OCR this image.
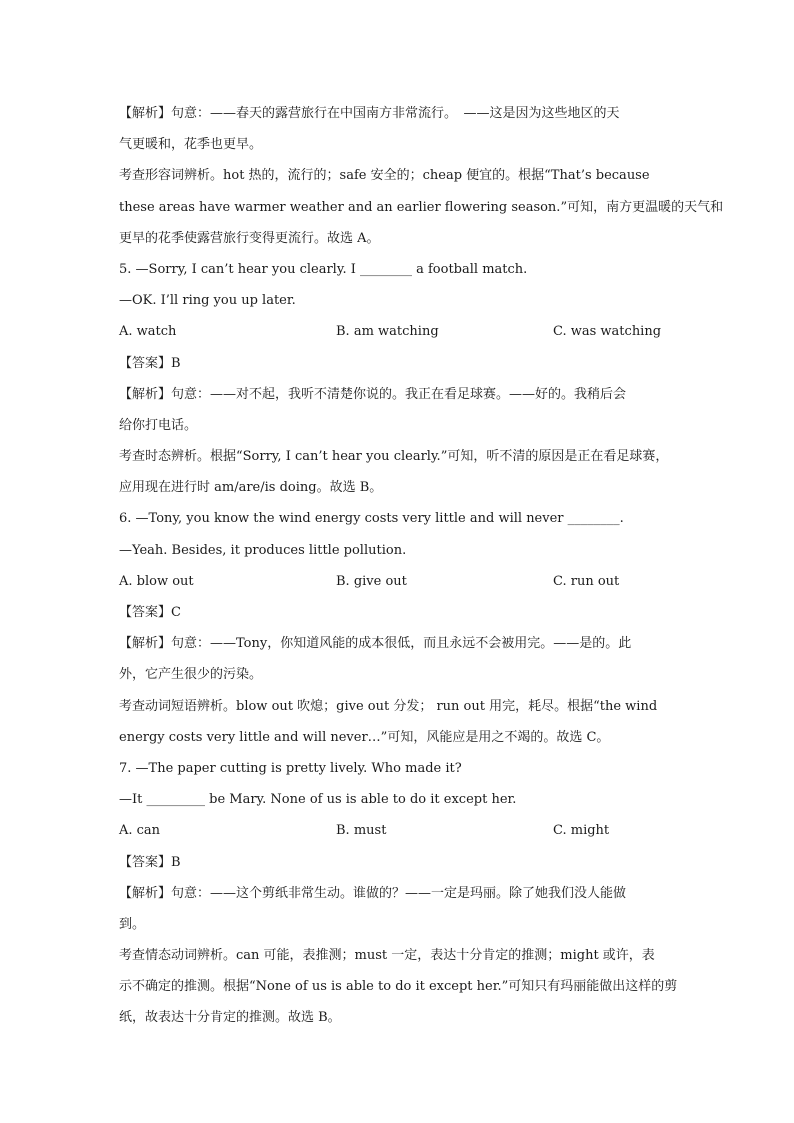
【解析】句意：——春天的露营旅行在中国南方非常流行。　——这是因为这些地区的天
气更暖和，花季也更早。
考查形容词辨析。hot 热的，流行的；safe 安全的；cheap 便宜的。根据“That’s because
these areas have warmer weather and an earlier flowering season.”可知，南方更温暖的天气和
更早的花季使露营旅行变得更流行。故选 A。
5. —Sorry, I can’t hear you clearly. I ________ a football match.
—OK. I’ll ring you up later.
A. watch	B. am watching	C. was watching
【答案】B
【解析】句意：——对不起，我听不清楚你说的。我正在看足球赛。——好的。我稍后会
给你打电话。
考查时态辨析。根据“Sorry, I can’t hear you clearly.”可知，听不清的原因是正在看足球赛，
应用现在进行时 am/are/is doing。故选 B。
6. —Tony, you know the wind energy costs very little and will never ________.
—Yeah. Besides, it produces little pollution.
A. blow out	B. give out	C. run out
【答案】C
【解析】句意：——Tony，你知道风能的成本很低，而且永远不会被用完。——是的。此
外，它产生很少的污染。
考查动词短语辨析。blow out 吹熄；give out 分发； run out 用完，耗尽。根据“the wind
energy costs very little and will never…”可知，风能应是用之不竭的。故选 C。
7. —The paper cutting is pretty lively. Who made it?
—It _________ be Mary. None of us is able to do it except her.
A. can	B. must	C. might
【答案】B
【解析】句意：——这个剪纸非常生动。谁做的？——一定是玛丽。除了她我们没人能做
到。
考查情态动词辨析。can 可能，表推测；must 一定，表达十分肯定的推测；might 或许，表
示不确定的推测。根据“None of us is able to do it except her.”可知只有玛丽能做出这样的剪
纸，故表达十分肯定的推测。故选 B。
